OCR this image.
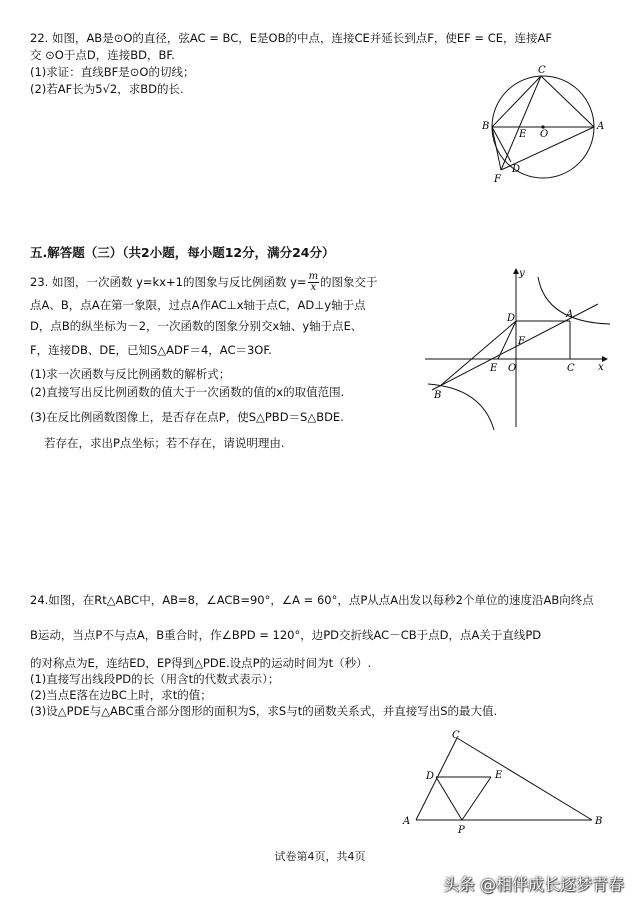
22. 如图，AB是⊙O的直径，弦AC = BC，E是OB的中点，连接CE并延长到点F，使EF = CE，连接AF
交 ⊙O于点D，连接BD，BF.
(1)求证：直线BF是⊙O的切线；
(2)若AF长为5√2，求BD的长.
C
B
E O
A
F
D
五.解答题（三）（共2小题，每小题12分，满分24分）
23. 如图，一次函数 y=kx+1的图象与反比例函数 $y= \frac{m}{x}$ 的图象交于
点A、B，点A在第一象限，过点A作AC⊥x轴于点C，AD⊥y轴于点
D，点B的纵坐标为－2，一次函数的图象分别交x轴、y轴于点E、
F，连接DB、DE，已知S△ADF＝4，AC＝3OF.
(1)求一次函数与反比例函数的解析式；
(2)直接写出反比例函数的值大于一次函数的值的x的取值范围.
(3)在反比例函数图像上，是否存在点P，使S△PBD＝S△BDE.
若存在，求出P点坐标；若不存在，请说明理由.
y
x
D	A
F
E O	C
B
24.如图，在Rt△ABC中，AB=8，∠ACB=90°，∠A = 60°，点P从点A出发以每秒2个单位的速度沿AB向终点
B运动，当点P不与点A，B重合时，作∠BPD = 120°，边PD交折线AC－CB于点D，点A关于直线PD
的对称点为E，连结ED，EP得到△PDE.设点P的运动时间为t（秒）.
(1)直接写出线段PD的长（用含t的代数式表示）；
(2)当点E落在边BC上时，求t的值；
(3)设△PDE与△ABC重合部分图形的面积为S，求S与t的函数关系式，并直接写出S的最大值.
C
D	E
A
P
B
试卷第4页，共4页
头条 @相伴成长逐梦青春
